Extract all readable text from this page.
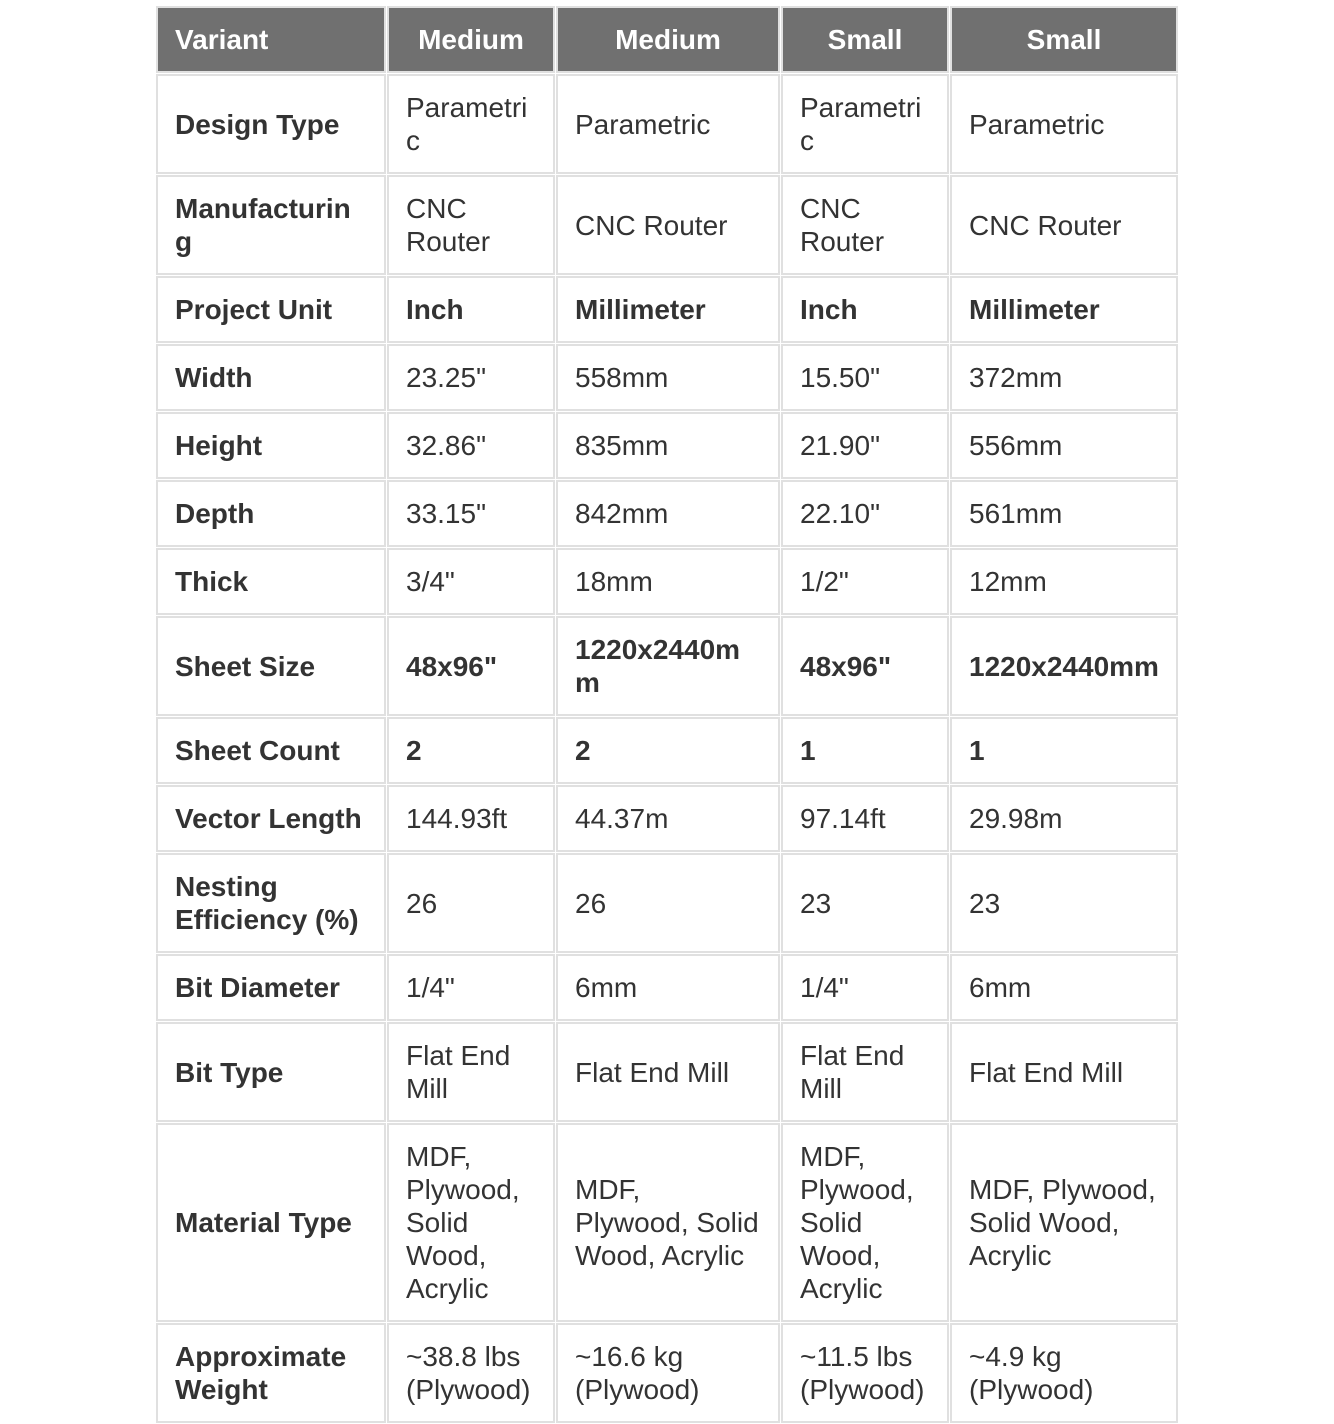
Variant	Medium	Medium	Small	Small
Design Type	Parametric	Parametric	Parametric	Parametric
Manufacturing	CNC Router	CNC Router	CNC Router	CNC Router
Project Unit	Inch	Millimeter	Inch	Millimeter
Width	23.25"	558mm	15.50"	372mm
Height	32.86"	835mm	21.90"	556mm
Depth	33.15"	842mm	22.10"	561mm
Thick	3/4"	18mm	1/2"	12mm
Sheet Size	48x96"	1220x2440mm	48x96"	1220x2440mm
Sheet Count	2	2	1	1
Vector Length	144.93ft	44.37m	97.14ft	29.98m
Nesting Efficiency (%)	26	26	23	23
Bit Diameter	1/4"	6mm	1/4"	6mm
Bit Type	Flat End Mill	Flat End Mill	Flat End Mill	Flat End Mill
Material Type	MDF, Plywood, Solid Wood, Acrylic	MDF, Plywood, Solid Wood, Acrylic	MDF, Plywood, Solid Wood, Acrylic	MDF, Plywood, Solid Wood, Acrylic
Approximate Weight	~38.8 lbs (Plywood)	~16.6 kg (Plywood)	~11.5 lbs (Plywood)	~4.9 kg (Plywood)
